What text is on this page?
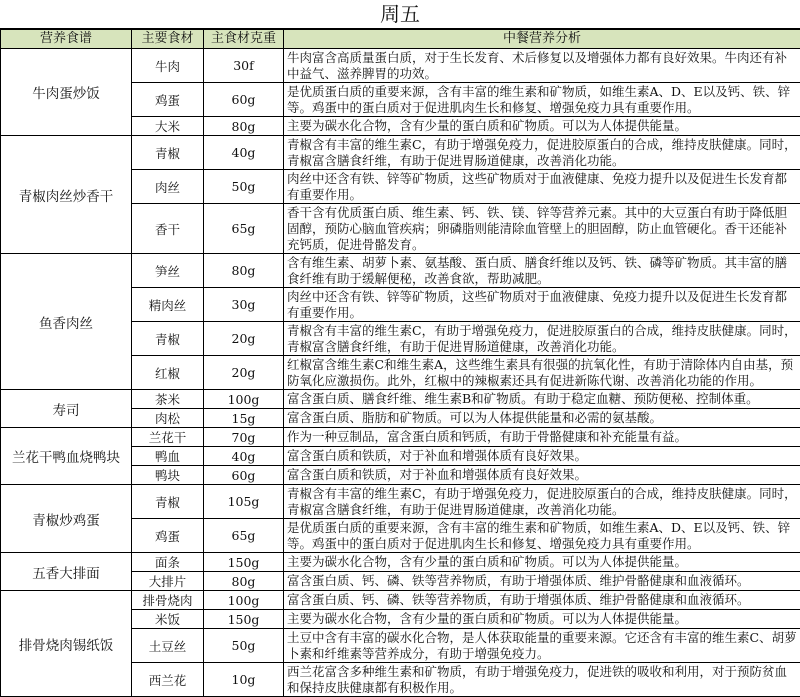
周五
营养食谱	主要食材	主食材克重	中餐营养分析
牛肉蛋炒饭	牛肉	30f	牛肉富含高质量蛋白质，对于生长发育、术后修复以及增强体力都有良好效果。牛肉还有补中益气、滋养脾胃的功效。
	鸡蛋	60g	是优质蛋白质的重要来源，含有丰富的维生素和矿物质，如维生素A、D、E以及钙、铁、锌等。鸡蛋中的蛋白质对于促进肌肉生长和修复、增强免疫力具有重要作用。
	大米	80g	主要为碳水化合物，含有少量的蛋白质和矿物质。可以为人体提供能量。
青椒肉丝炒香干	青椒	40g	青椒含有丰富的维生素C，有助于增强免疫力，促进胶原蛋白的合成，维持皮肤健康。同时，青椒富含膳食纤维，有助于促进胃肠道健康，改善消化功能。
	肉丝	50g	肉丝中还含有铁、锌等矿物质，这些矿物质对于血液健康、免疫力提升以及促进生长发育都有重要作用。
	香干	65g	香干含有优质蛋白质、维生素、钙、铁、镁、锌等营养元素。其中的大豆蛋白有助于降低胆固醇，预防心脑血管疾病；卵磷脂则能清除血管壁上的胆固醇，防止血管硬化。香干还能补充钙质，促进骨骼发育。
鱼香肉丝	笋丝	80g	含有维生素、胡萝卜素、氨基酸、蛋白质、膳食纤维以及钙、铁、磷等矿物质。其丰富的膳食纤维有助于缓解便秘，改善食欲，帮助减肥。
	精肉丝	30g	肉丝中还含有铁、锌等矿物质，这些矿物质对于血液健康、免疫力提升以及促进生长发育都有重要作用。
	青椒	20g	青椒含有丰富的维生素C，有助于增强免疫力，促进胶原蛋白的合成，维持皮肤健康。同时，青椒富含膳食纤维，有助于促进胃肠道健康，改善消化功能。
	红椒	20g	红椒富含维生素C和维生素A，这些维生素具有很强的抗氧化性，有助于清除体内自由基，预防氧化应激损伤。此外，红椒中的辣椒素还具有促进新陈代谢、改善消化功能的作用。
寿司	茶米	100g	富含蛋白质、膳食纤维、维生素B和矿物质。有助于稳定血糖、预防便秘、控制体重。
	肉松	15g	富含蛋白质、脂肪和矿物质。可以为人体提供能量和必需的氨基酸。
兰花干鸭血烧鸭块	兰花干	70g	作为一种豆制品，富含蛋白质和钙质，有助于骨骼健康和补充能量有益。
	鸭血	40g	富含蛋白质和铁质，对于补血和增强体质有良好效果。
	鸭块	60g	富含蛋白质和铁质，对于补血和增强体质有良好效果。
青椒炒鸡蛋	青椒	105g	青椒含有丰富的维生素C，有助于增强免疫力，促进胶原蛋白的合成，维持皮肤健康。同时，青椒富含膳食纤维，有助于促进胃肠道健康，改善消化功能。
	鸡蛋	65g	是优质蛋白质的重要来源，含有丰富的维生素和矿物质，如维生素A、D、E以及钙、铁、锌等。鸡蛋中的蛋白质对于促进肌肉生长和修复、增强免疫力具有重要作用。
五香大排面	面条	150g	主要为碳水化合物，含有少量的蛋白质和矿物质。可以为人体提供能量。
	大排片	80g	富含蛋白质、钙、磷、铁等营养物质，有助于增强体质、维护骨骼健康和血液循环。
排骨烧肉锡纸饭	排骨烧肉	100g	富含蛋白质、钙、磷、铁等营养物质，有助于增强体质、维护骨骼健康和血液循环。
	米饭	150g	主要为碳水化合物，含有少量的蛋白质和矿物质。可以为人体提供能量。
	土豆丝	50g	土豆中含有丰富的碳水化合物，是人体获取能量的重要来源。它还含有丰富的维生素C、胡萝卜素和纤维素等营养成分，有助于增强免疫力。
	西兰花	10g	西兰花富含多种维生素和矿物质，有助于增强免疫力，促进铁的吸收和利用，对于预防贫血和保持皮肤健康都有积极作用。
